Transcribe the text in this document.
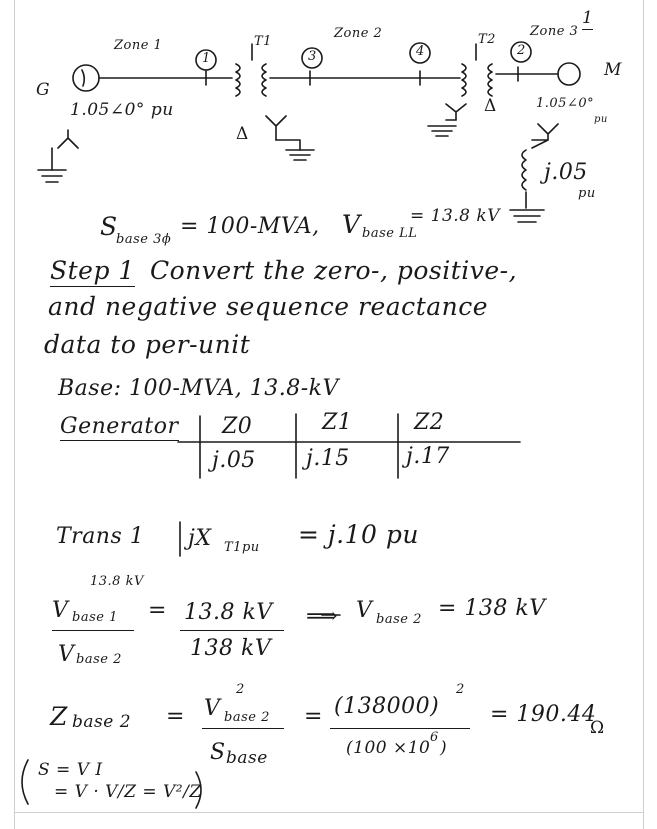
1
Zone 1
Zone 2	Zone 3
T1	T2
1	3	4	2
G
M
1.05∠0° pu	1.05∠0°
pu
Δ
Δ
j.05
pu
S
base 3ϕ
= 100-MVA, V base LL
= 13.8 kV
Step 1 Convert the zero-, positive-,
and negative sequence reactance
data to per-unit
Base: 100-MVA, 13.8-kV
Generator Z0	Z1	Z2
j.05 j.15	j.17
Trans 1 jX T1pu = j.10 pu
13.8 kV
V base 1
V base 2
= 13.8 kV
138 kV
⟹ V base 2 = 138 kV
Z base 2 =
2
V base 2
S base
= (138000)
2
(100 ×10
6
)
= 190.44
Ω
S = V I
= V · V/Z = V²/Z
